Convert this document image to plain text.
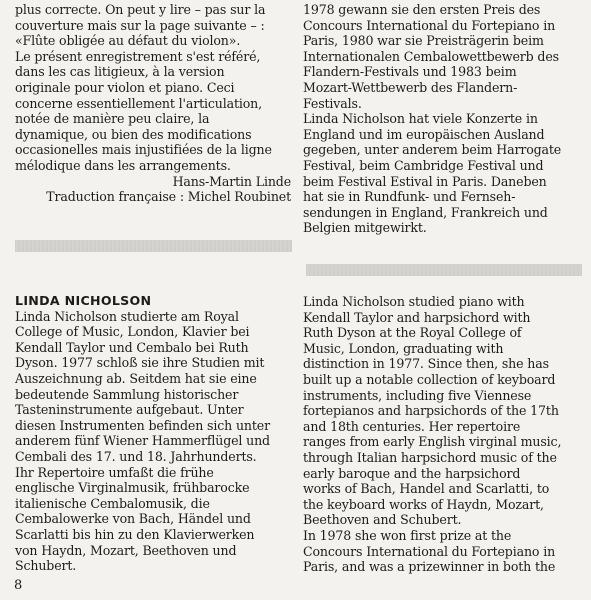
plus correcte. On peut y lire – pas sur la
couverture mais sur la page suivante – :
«Flûte obligée au défaut du violon».

Le présent enregistrement s'est référé,
dans les cas litigieux, à la version
originale pour violon et piano. Ceci
concerne essentiellement l'articulation,
notée de manière peu claire, la
dynamique, ou bien des modifications
occasionelles mais injustifiées de la ligne
mélodique dans les arrangements.

Hans-Martin Linde

Traduction française : Michel Roubinet

LINDA NICHOLSON

Linda Nicholson studierte am Royal
College of Music, London, Klavier bei
Kendall Taylor und Cembalo bei Ruth
Dyson. 1977 schloß sie ihre Studien mit
Auszeichnung ab. Seitdem hat sie eine
bedeutende Sammlung historischer
Tasteninstrumente aufgebaut. Unter
diesen Instrumenten befinden sich unter
anderem fünf Wiener Hammerflügel und
Cembali des 17. und 18. Jahrhunderts.
Ihr Repertoire umfaßt die frühe
englische Virginalmusik, frühbarocke
italienische Cembalomusik, die
Cembalowerke von Bach, Händel und
Scarlatti bis hin zu den Klavierwerken
von Haydn, Mozart, Beethoven und
Schubert.

1978 gewann sie den ersten Preis des
Concours International du Fortepiano in
Paris, 1980 war sie Preisträgerin beim
Internationalen Cembalowettbewerb des
Flandern-Festivals und 1983 beim
Mozart-Wettbewerb des Flandern-
Festivals.

Linda Nicholson hat viele Konzerte in
England und im europäischen Ausland
gegeben, unter anderem beim Harrogate
Festival, beim Cambridge Festival und
beim Festival Estival in Paris. Daneben
hat sie in Rundfunk- und Fernseh-
sendungen in England, Frankreich und
Belgien mitgewirkt.

Linda Nicholson studied piano with
Kendall Taylor and harpsichord with
Ruth Dyson at the Royal College of
Music, London, graduating with
distinction in 1977. Since then, she has
built up a notable collection of keyboard
instruments, including five Viennese
fortepianos and harpsichords of the 17th
and 18th centuries. Her repertoire
ranges from early English virginal music,
through Italian harpsichord music of the
early baroque and the harpsichord
works of Bach, Handel and Scarlatti, to
the keyboard works of Haydn, Mozart,
Beethoven and Schubert.

In 1978 she won first prize at the
Concours International du Fortepiano in
Paris, and was a prizewinner in both the

8
